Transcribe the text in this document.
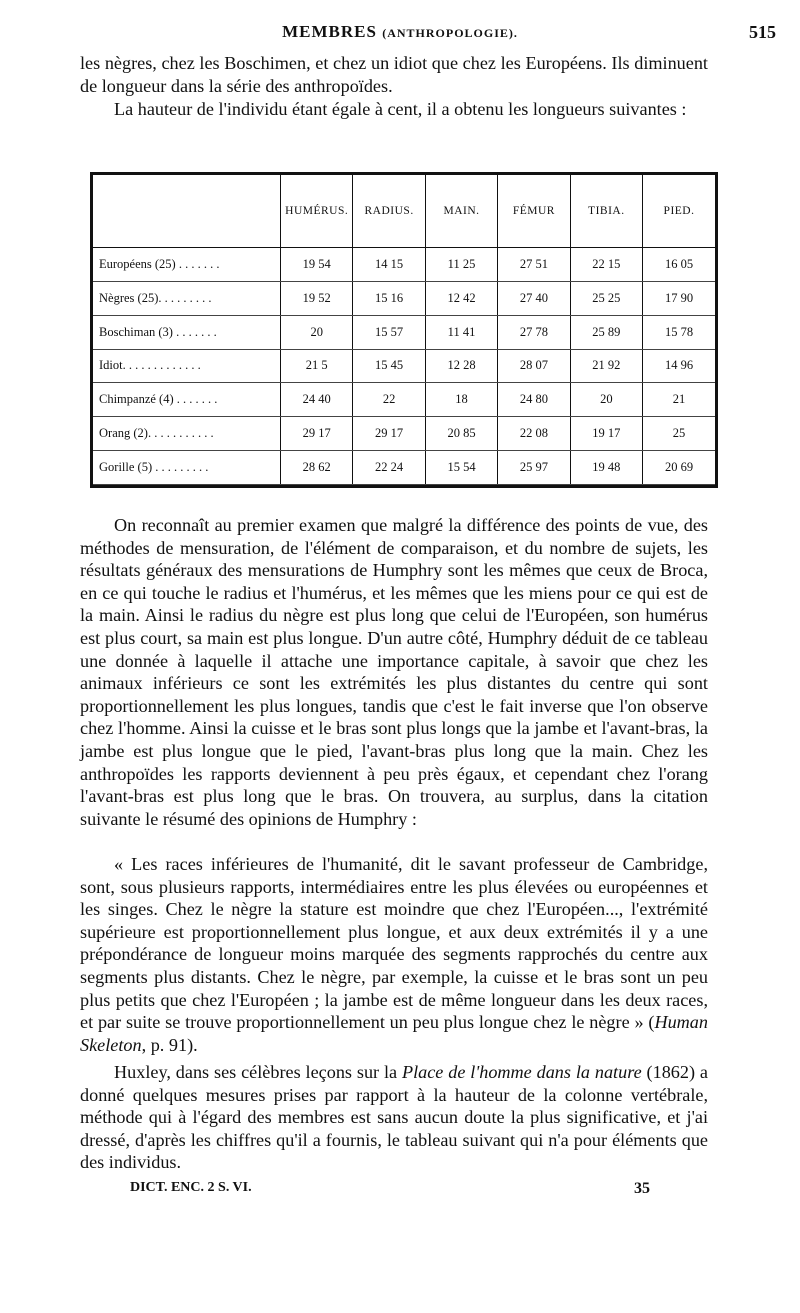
MEMBRES (ANTHROPOLOGIE).	515

les nègres, chez les Boschimen, et chez un idiot que chez les Européens. Ils diminuent de longueur dans la série des anthropoïdes.

La hauteur de l'individu étant égale à cent, il a obtenu les longueurs suivantes :

	HUMÉRUS.	RADIUS.	MAIN.	FÉMUR	TIBIA.	PIED.
Européens (25) . . . . . . .	19 54	14 15	11 25	27 51	22 15	16 05
Nègres (25). . . . . . . . .	19 52	15 16	12 42	27 40	25 25	17 90
Boschiman (3) . . . . . . .	20	15 57	11 41	27 78	25 89	15 78
Idiot. . . . . . . . . . . . .	21 5	15 45	12 28	28 07	21 92	14 96
Chimpanzé (4) . . . . . . .	24 40	22	18	24 80	20	21
Orang (2). . . . . . . . . . .	29 17	29 17	20 85	22 08	19 17	25
Gorille (5) . . . . . . . . .	28 62	22 24	15 54	25 97	19 48	20 69

On reconnaît au premier examen que malgré la différence des points de vue, des méthodes de mensuration, de l'élément de comparaison, et du nombre de sujets, les résultats généraux des mensurations de Humphry sont les mêmes que ceux de Broca, en ce qui touche le radius et l'humérus, et les mêmes que les miens pour ce qui est de la main. Ainsi le radius du nègre est plus long que celui de l'Européen, son humérus est plus court, sa main est plus longue. D'un autre côté, Humphry déduit de ce tableau une donnée à laquelle il attache une importance capitale, à savoir que chez les animaux inférieurs ce sont les extrémités les plus distantes du centre qui sont proportionnellement les plus longues, tandis que c'est le fait inverse que l'on observe chez l'homme. Ainsi la cuisse et le bras sont plus longs que la jambe et l'avant-bras, la jambe est plus longue que le pied, l'avant-bras plus long que la main. Chez les anthropoïdes les rapports deviennent à peu près égaux, et cependant chez l'orang l'avant-bras est plus long que le bras. On trouvera, au surplus, dans la citation suivante le résumé des opinions de Humphry :

« Les races inférieures de l'humanité, dit le savant professeur de Cambridge, sont, sous plusieurs rapports, intermédiaires entre les plus élevées ou européennes et les singes. Chez le nègre la stature est moindre que chez l'Européen..., l'extrémité supérieure est proportionnellement plus longue, et aux deux extrémités il y a une prépondérance de longueur moins marquée des segments rapprochés du centre aux segments plus distants. Chez le nègre, par exemple, la cuisse et le bras sont un peu plus petits que chez l'Européen ; la jambe est de même longueur dans les deux races, et par suite se trouve proportionnellement un peu plus longue chez le nègre » (Human Skeleton, p. 91).

Huxley, dans ses célèbres leçons sur la Place de l'homme dans la nature (1862) a donné quelques mesures prises par rapport à la hauteur de la colonne vertébrale, méthode qui à l'égard des membres est sans aucun doute la plus significative, et j'ai dressé, d'après les chiffres qu'il a fournis, le tableau suivant qui n'a pour éléments que des individus.

DICT. ENC. 2 S. VI.	35
